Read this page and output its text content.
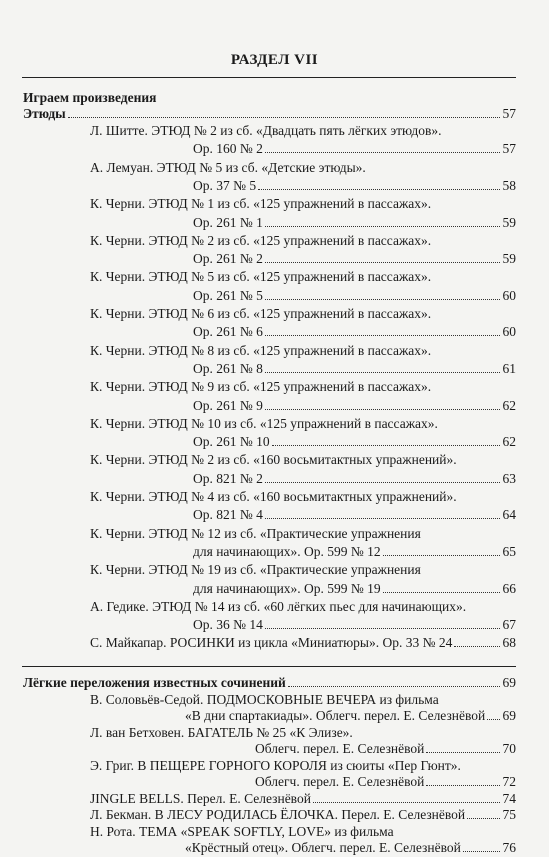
РАЗДЕЛ VII
Играем произведения
Этюды	57
Л. Шитте. ЭТЮД № 2 из сб. «Двадцать пять лёгких этюдов».
Ор. 160 № 2	57
А. Лемуан. ЭТЮД № 5 из сб. «Детские этюды».
Ор. 37 № 5	58
К. Черни. ЭТЮД № 1 из сб. «125 упражнений в пассажах».
Ор. 261 № 1	59
К. Черни. ЭТЮД № 2 из сб. «125 упражнений в пассажах».
Ор. 261 № 2	59
К. Черни. ЭТЮД № 5 из сб. «125 упражнений в пассажах».
Ор. 261 № 5	60
К. Черни. ЭТЮД № 6 из сб. «125 упражнений в пассажах».
Ор. 261 № 6	60
К. Черни. ЭТЮД № 8 из сб. «125 упражнений в пассажах».
Ор. 261 № 8	61
К. Черни. ЭТЮД № 9 из сб. «125 упражнений в пассажах».
Ор. 261 № 9	62
К. Черни. ЭТЮД № 10 из сб. «125 упражнений в пассажах».
Ор. 261 № 10	62
К. Черни. ЭТЮД № 2 из сб. «160 восьмитактных упражнений».
Ор. 821 № 2	63
К. Черни. ЭТЮД № 4 из сб. «160 восьмитактных упражнений».
Ор. 821 № 4	64
К. Черни. ЭТЮД № 12 из сб. «Практические упражнения
для начинающих». Ор. 599 № 12	65
К. Черни. ЭТЮД № 19 из сб. «Практические упражнения
для начинающих». Ор. 599 № 19	66
А. Гедике. ЭТЮД № 14 из сб. «60 лёгких пьес для начинающих».
Ор. 36 № 14	67
С. Майкапар. РОСИНКИ из цикла «Миниатюры». Ор. 33 № 24	68
Лёгкие переложения известных сочинений	69
В. Соловьёв-Седой. ПОДМОСКОВНЫЕ ВЕЧЕРА из фильма
«В дни спартакиады». Облегч. перел. Е. Селезнёвой 69
Л. ван Бетховен. БАГАТЕЛЬ № 25 «К Элизе».
Облегч. перел. Е. Селезнёвой	70
Э. Григ. В ПЕЩЕРЕ ГОРНОГО КОРОЛЯ из сюиты «Пер Гюнт».
Облегч. перел. Е. Селезнёвой	72
JINGLE BELLS. Перел. Е. Селезнёвой	74
Л. Бекман. В ЛЕСУ РОДИЛАСЬ ЁЛОЧКА. Перел. Е. Селезнёвой	75
Н. Рота. ТЕМА «SPEAK SOFTLY, LOVE» из фильма
«Крёстный отец». Облегч. перел. Е. Селезнёвой	76
